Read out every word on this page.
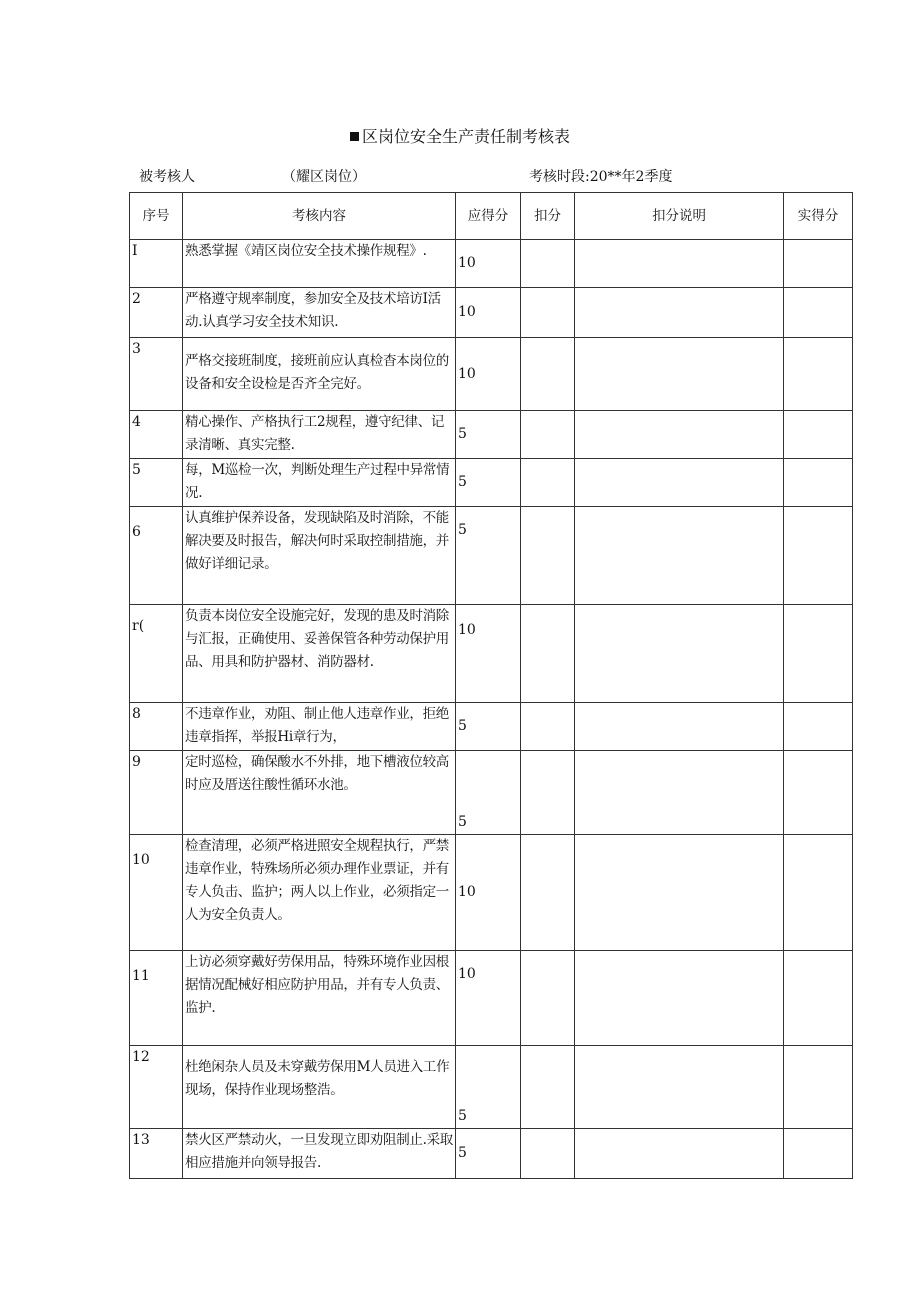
区岗位安全生产责任制考核表
被考核人	（耀区岗位）	考核时段:20**年2季度
序号	考核内容	应得分	扣分	扣分说明	实得分
I	熟悉掌握《靖区岗位安全技术操作规程》.	10			
2	严格遵守规率制度，参加安全及技术培访I活动.认真学习安全技术知识.	10			
3	严格交接班制度，接班前应认真检杳本岗位的设备和安全设检是否齐全完好。	10			
4	精心操作、产格执行工2规程，遵守纪律、记录清晰、真实完整.	5			
5	每，M巡检一次，判断处理生产过程中异常情况.	5			
6	认真维护保养设备，发现缺陷及时消除，不能解决要及时报告，解决何时采取控制措施，并做好详细记录。	5			
r(	负责本岗位安全设施完好，发现的患及时消除与汇报，正确使用、妥善保管各种劳动保护用品、用具和防护器材、消防器材.	10			
8	不违章作业，劝阻、制止他人违章作业，拒绝违章指挥，举报Hi章行为，	5			
9	定时巡检，确保酸水不外排，地下槽液位较高时应及厝送往酸性循环水池。	5			
10	检查清理，必须严格进照安全规程执行，严禁违章作业，特殊场所必须办理作业票证，并有专人负击、监护；两人以上作业，必须指定一人为安全负责人。	10			
11	上访必须穿戴好劳保用品，特殊环境作业因根据情况配械好相应防护用品，并有专人负责、监护.	10			
12	杜绝闲杂人员及未穿戴劳保用M人员进入工作现场，保持作业现场整浩。	5			
13	禁火区严禁动火，一旦发现立即劝阻制止.采取相应措施并向领导报告.	5			
